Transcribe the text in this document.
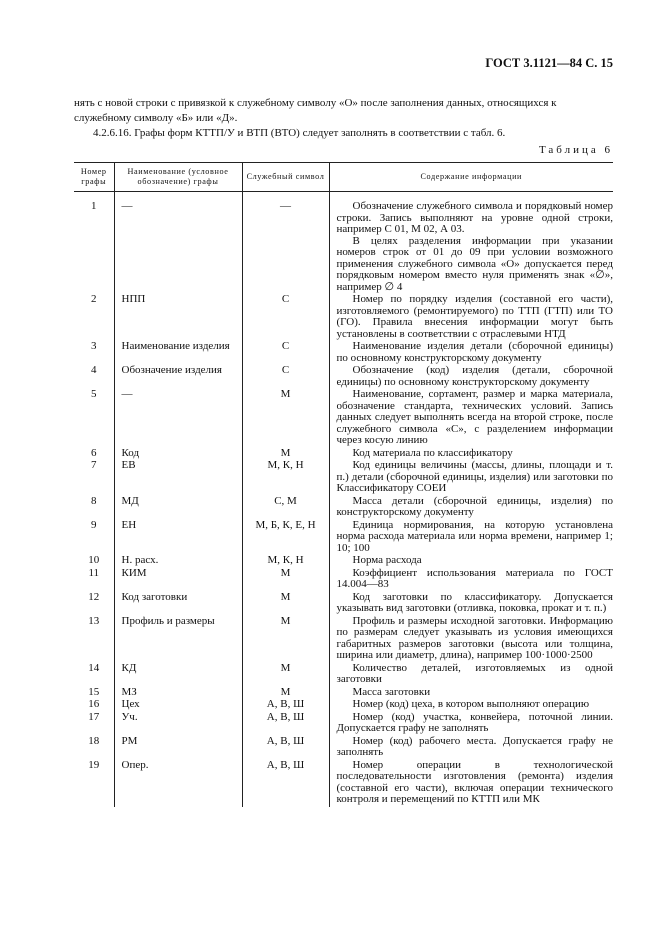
ГОСТ 3.1121—84 С. 15

нять с новой строки с привязкой к служебному символу «О» после заполнения данных, относящихся к служебному символу «Б» или «Д».

4.2.6.16. Графы форм КТТП/У и ВТП (ВТО) следует заполнять в соответствии с табл. 6.

Таблица 6
Номер графы	Наименование (условное обозначение) графы	Служебный символ	Содержание информации

1	—	—	Обозначение служебного символа и порядковый номер строки. Запись выполняют на уровне одной строки, например С 01, М 02, А 03.

В целях разделения информации при указании номеров строк от 01 до 09 при условии возможного применения служебного символа «О» допускается перед порядковым номером вместо нуля применять знак «∅», например ∅ 4

2	НПП	С	Номер по порядку изделия (составной его части), изготовляемого (ремонтируемого) по ТТП (ГТП) или ТО (ГО). Правила внесения информации могут быть установлены в соответствии с отраслевыми НТД

3	Наименование изделия	С	Наименование изделия детали (сборочной единицы) по основному конструкторскому документу

4	Обозначение изделия	С	Обозначение (код) изделия (детали, сборочной единицы) по основному конструкторскому документу

5	—	М	Наименование, сортамент, размер и марка материала, обозначение стандарта, технических условий. Запись данных следует выполнять всегда на второй строке, после служебного символа «С», с разделением информации через косую линию

6	Код	М	Код материала по классификатору

7	ЕВ	М, К, Н	Код единицы величины (массы, длины, площади и т. п.) детали (сборочной единицы, изделия) или заготовки по Классификатору СОЕИ

8	МД	С, М	Масса детали (сборочной единицы, изделия) по конструкторскому документу

9	ЕН	М, Б, К, Е, Н	Единица нормирования, на которую установлена норма расхода материала или норма времени, например 1; 10; 100

10	Н. расх.	М, К, Н	Норма расхода

11	КИМ	М	Коэффициент использования материала по ГОСТ 14.004—83

12	Код заготовки	М	Код заготовки по классификатору. Допускается указывать вид заготовки (отливка, поковка, прокат и т. п.)

13	Профиль и размеры	М	Профиль и размеры исходной заготовки. Информацию по размерам следует указывать из условия имеющихся габаритных размеров заготовки (высота или толщина, ширина или диаметр, длина), например 100·1000·2500

14	КД	М	Количество деталей, изготовляемых из одной заготовки

15	МЗ	М	Масса заготовки

16	Цех	А, В, Ш	Номер (код) цеха, в котором выполняют операцию

17	Уч.	А, В, Ш	Номер (код) участка, конвейера, поточной линии. Допускается графу не заполнять

18	РМ	А, В, Ш	Номер (код) рабочего места. Допускается графу не заполнять

19	Опер.	А, В, Ш	Номер операции в технологической последовательности изготовления (ремонта) изделия (составной его части), включая операции технического контроля и перемещений по КТТП или МК
